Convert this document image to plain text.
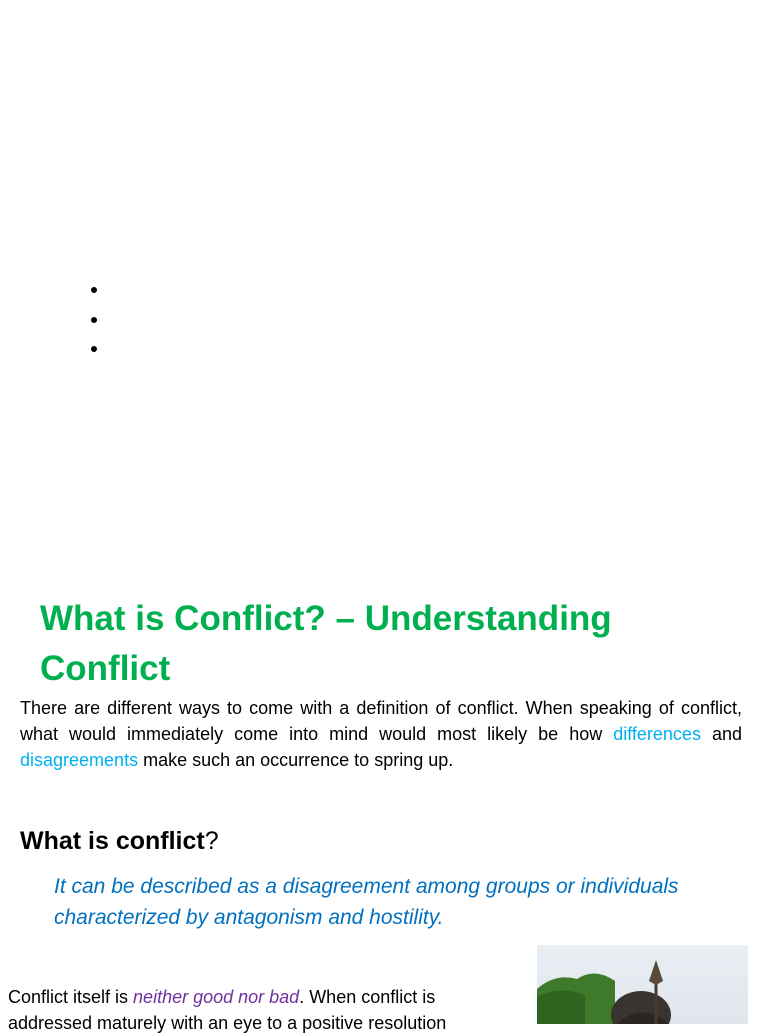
What is Conflict? – Understanding Conflict

There are different ways to come with a definition of conflict. When speaking of conflict, what would immediately come into mind would most likely be how differences and disagreements make such an occurrence to spring up.

What is conflict?

It can be described as a disagreement among groups or individuals characterized by antagonism and hostility.

Conflict itself is neither good nor bad. When conflict is addressed maturely with an eye to a positive resolution
